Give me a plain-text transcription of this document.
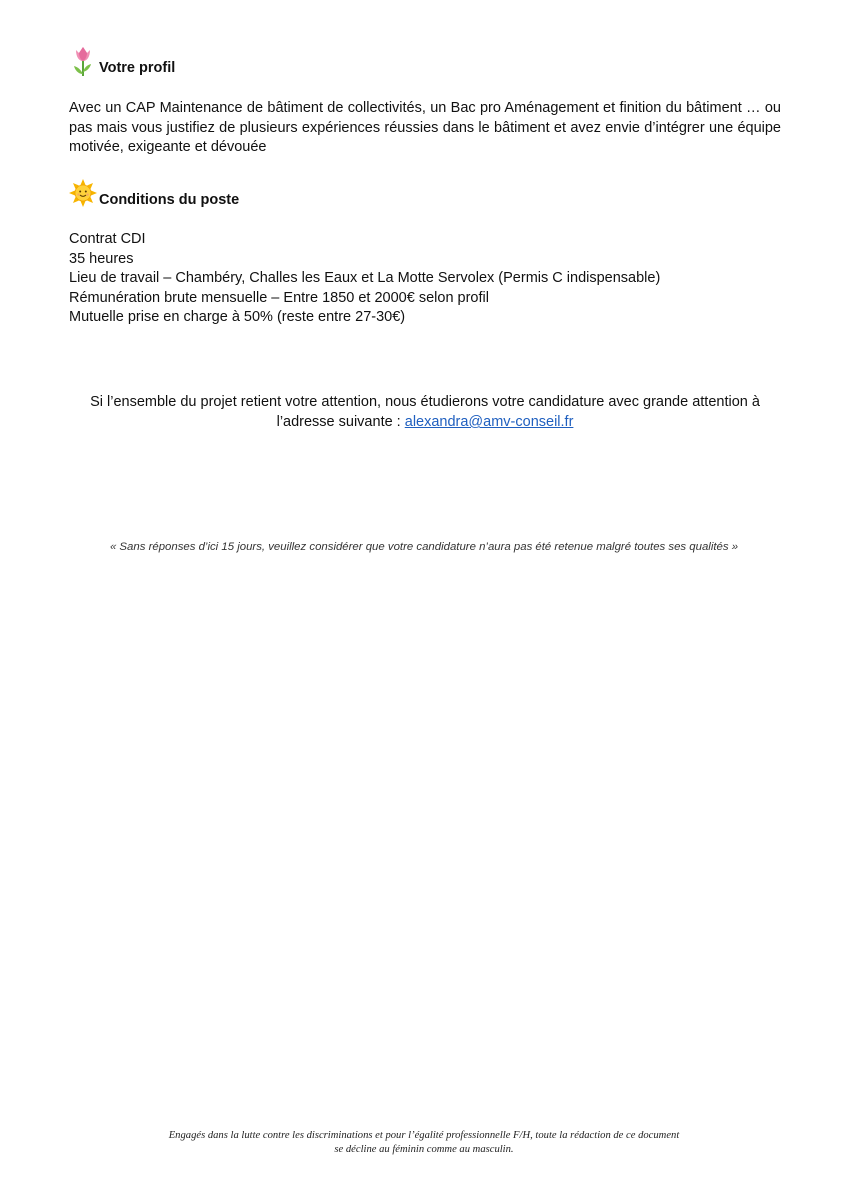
Votre profil
Avec un CAP Maintenance de bâtiment de collectivités, un Bac pro Aménagement et finition du bâtiment … ou pas mais vous justifiez de plusieurs expériences réussies dans le bâtiment et avez envie d’intégrer une équipe motivée, exigeante et dévouée
Conditions du poste
Contrat CDI
35 heures
Lieu de travail – Chambéry, Challes les Eaux et La Motte Servolex (Permis C indispensable)
Rémunération brute mensuelle – Entre 1850 et 2000€ selon profil
Mutuelle prise en charge à 50% (reste entre 27-30€)
Si l’ensemble du projet retient votre attention, nous étudierons votre candidature avec grande attention à
l’adresse suivante : alexandra@amv-conseil.fr
« Sans réponses d’ici 15 jours, veuillez considérer que votre candidature n’aura pas été retenue malgré toutes ses qualités »
Engagés dans la lutte contre les discriminations et pour l’égalité professionnelle F/H, toute la rédaction de ce document
se décline au féminin comme au masculin.
